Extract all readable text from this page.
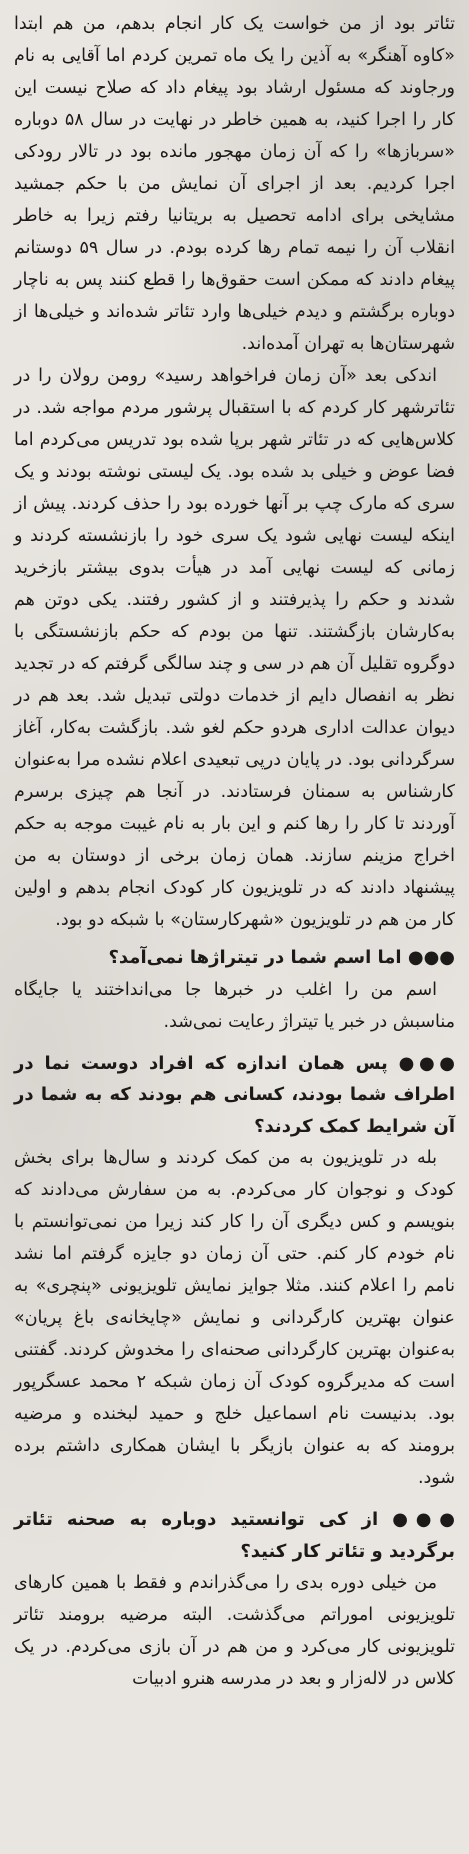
تئاتر بود از من خواست یک کار انجام بدهم، من هم ابتدا «کاوه آهنگر» به آذین را یک ماه تمرین کردم اما آقایی به نام ورجاوند که مسئول ارشاد بود پیغام داد که صلاح نیست این کار را اجرا کنید، به همین خاطر در نهایت در سال ۵۸ دوباره «سربازها» را که آن زمان مهجور مانده بود در تالار رودکی اجرا کردیم. بعد از اجرای آن نمایش من با حکم جمشید مشایخی برای ادامه تحصیل به بریتانیا رفتم زیرا به خاطر انقلاب آن را نیمه تمام رها کرده بودم. در سال ۵۹ دوستانم پیغام دادند که ممکن است حقوق‌ها را قطع کنند پس به ناچار دوباره برگشتم و دیدم خیلی‌ها وارد تئاتر شده‌اند و خیلی‌ها از شهرستان‌ها به تهران آمده‌اند.

اندکی بعد «آن زمان فراخواهد رسید» رومن رولان را در تئاترشهر کار کردم که با استقبال پرشور مردم مواجه شد. در کلاس‌هایی که در تئاتر شهر برپا شده بود تدریس می‌کردم اما فضا عوض و خیلی بد شده بود. یک لیستی نوشته بودند و یک سری که مارک چپ بر آنها خورده بود را حذف کردند. پیش از اینکه لیست نهایی شود یک سری خود را بازنشسته کردند و زمانی که لیست نهایی آمد در هیأت بدوی بیشتر بازخرید شدند و حکم را پذیرفتند و از کشور رفتند. یکی دوتن هم به‌کارشان بازگشتند. تنها من بودم که حکم بازنشستگی با دوگروه تقلیل آن هم در سی و چند سالگی گرفتم که در تجدید نظر به انفصال دایم از خدمات دولتی تبدیل شد. بعد هم در دیوان عدالت اداری هردو حکم لغو شد. بازگشت به‌کار، آغاز سرگردانی بود. در پایان درپی تبعیدی اعلام نشده مرا به‌عنوان کارشناس به سمنان فرستادند. در آنجا هم چیزی برسرم آوردند تا کار را رها کنم و این بار به نام غیبت موجه به حکم اخراج مزینم سازند. همان زمان برخی از دوستان به من پیشنهاد دادند که در تلویزیون کار کودک انجام بدهم و اولین کار من هم در تلویزیون «شهرکارستان» با شبکه دو بود.

●●● اما اسم شما در تیتراژها نمی‌آمد؟

اسم من را اغلب در خبرها جا می‌انداختند یا جایگاه مناسبش در خبر یا تیتراژ رعایت نمی‌شد.

●●● پس همان اندازه که افراد دوست نما در اطراف شما بودند، کسانی هم بودند که به شما در آن شرایط کمک کردند؟

بله در تلویزیون به من کمک کردند و سال‌ها برای بخش کودک و نوجوان کار می‌کردم. به من سفارش می‌دادند که بنویسم و کس دیگری آن را کار کند زیرا من نمی‌توانستم با نام خودم کار کنم. حتی آن زمان دو جایزه گرفتم اما نشد نامم را اعلام کنند. مثلا جوایز نمایش تلویزیونی «پنچری» به عنوان بهترین کارگردانی و نمایش «چایخانه‌ی باغ پریان» به‌عنوان بهترین کارگردانی صحنه‌ای را مخدوش کردند. گفتنی است که مدیرگروه کودک آن زمان شبکه ۲ محمد عسگرپور بود. بدنیست نام اسماعیل خلج و حمید لبخنده و مرضیه برومند که به عنوان بازیگر با ایشان همکاری داشتم برده شود.

●●● از کی توانستید دوباره به صحنه تئاتر برگردید و تئاتر کار کنید؟

من خیلی دوره بدی را می‌گذراندم و فقط با همین کارهای تلویزیونی اموراتم می‌گذشت. البته مرضیه برومند تئاتر تلویزیونی کار می‌کرد و من هم در آن بازی می‌کردم. در یک کلاس در لاله‌زار و بعد در مدرسه هنرو ادبیات
